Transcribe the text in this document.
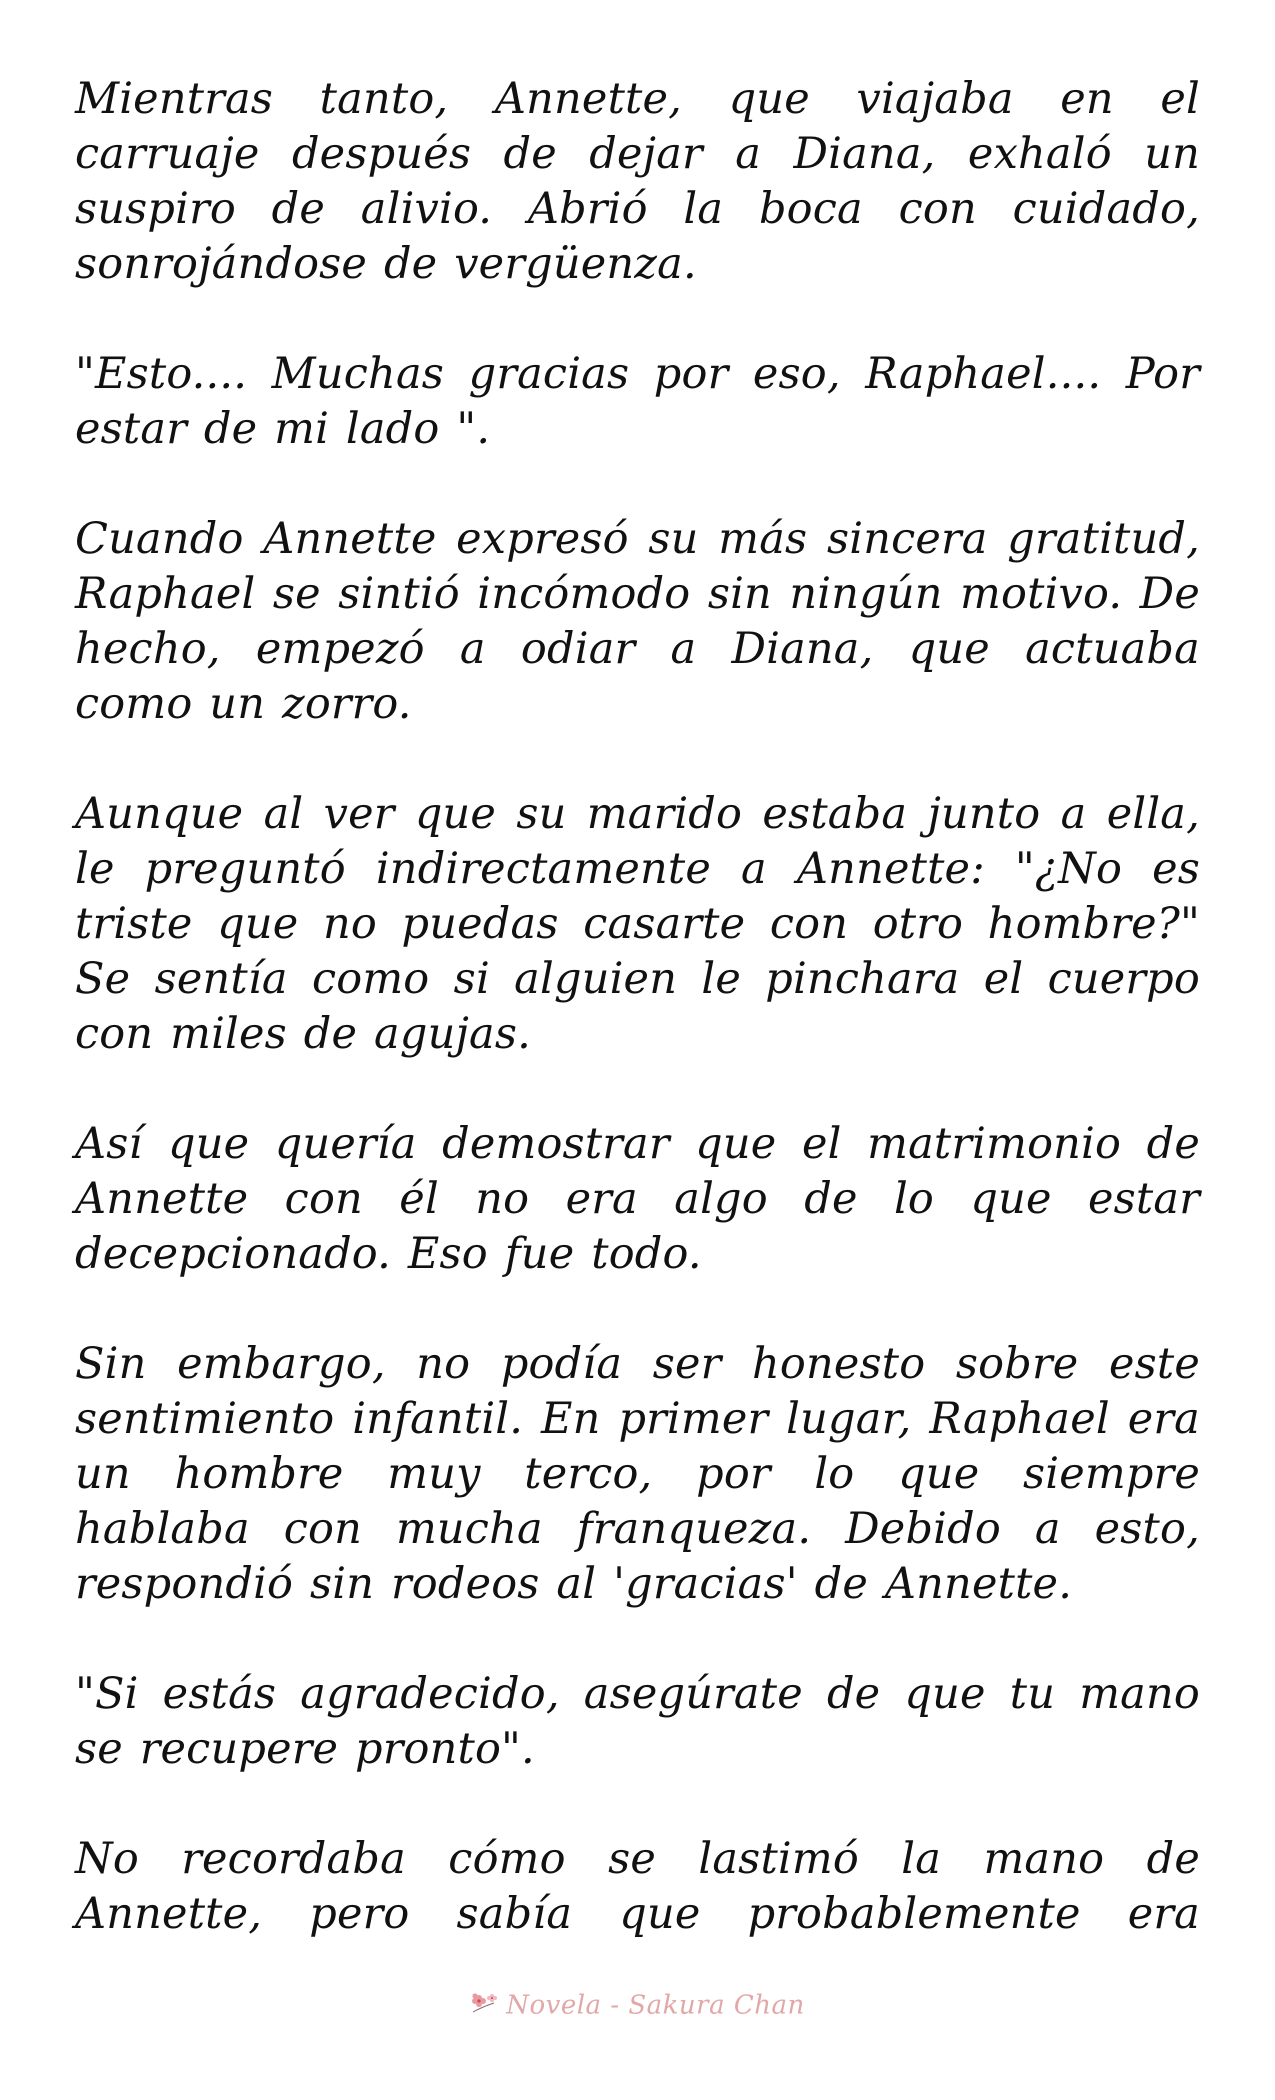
Mientras tanto, Annette, que viajaba en el carruaje después de dejar a Diana, exhaló un suspiro de alivio. Abrió la boca con cuidado, sonrojándose de vergüenza.

"Esto.... Muchas gracias por eso, Raphael.... Por estar de mi lado ".

Cuando Annette expresó su más sincera gratitud, Raphael se sintió incómodo sin ningún motivo. De hecho, empezó a odiar a Diana, que actuaba como un zorro.

Aunque al ver que su marido estaba junto a ella, le preguntó indirectamente a Annette: "¿No es triste que no puedas casarte con otro hombre?" Se sentía como si alguien le pinchara el cuerpo con miles de agujas.

Así que quería demostrar que el matrimonio de Annette con él no era algo de lo que estar decepcionado. Eso fue todo.

Sin embargo, no podía ser honesto sobre este sentimiento infantil. En primer lugar, Raphael era un hombre muy terco, por lo que siempre hablaba con mucha franqueza. Debido a esto, respondió sin rodeos al 'gracias' de Annette.

"Si estás agradecido, asegúrate de que tu mano se recupere pronto".

No recordaba cómo se lastimó la mano de Annette, pero sabía que probablemente era

Novela - Sakura Chan
